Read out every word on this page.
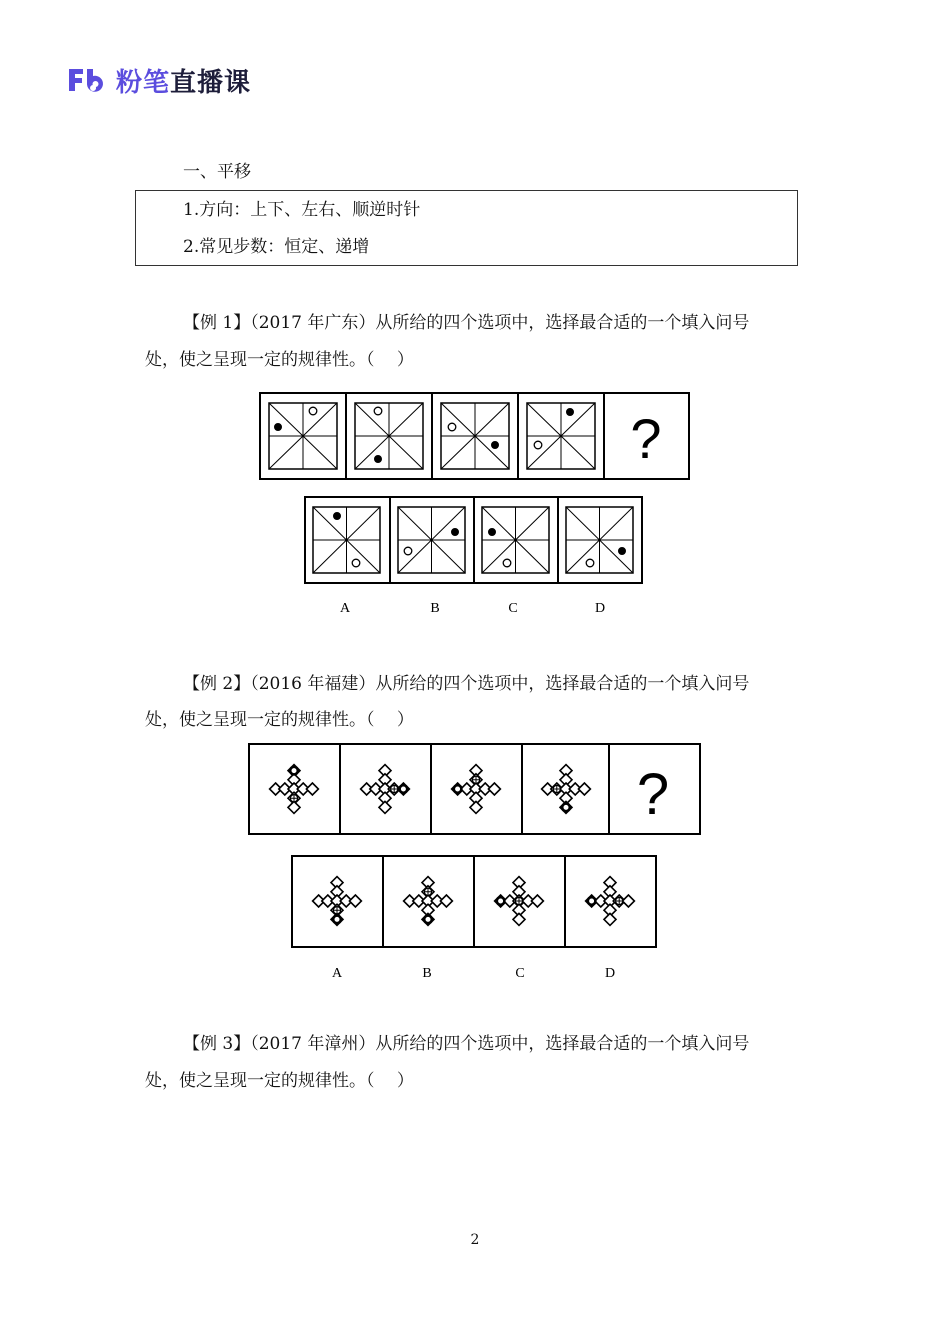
粉笔直播课
一、平移
1.方向：上下、左右、顺逆时针
2.常见步数：恒定、递增
【例 1】（2017 年广东）从所给的四个选项中，选择最合适的一个填入问号
处，使之呈现一定的规律性。（　 ）
【例 2】（2016 年福建）从所给的四个选项中，选择最合适的一个填入问号
处，使之呈现一定的规律性。（　 ）
【例 3】（2017 年漳州）从所给的四个选项中，选择最合适的一个填入问号
处，使之呈现一定的规律性。（　 ）
?
A	B	C	D
?
A	B	C	D
2
